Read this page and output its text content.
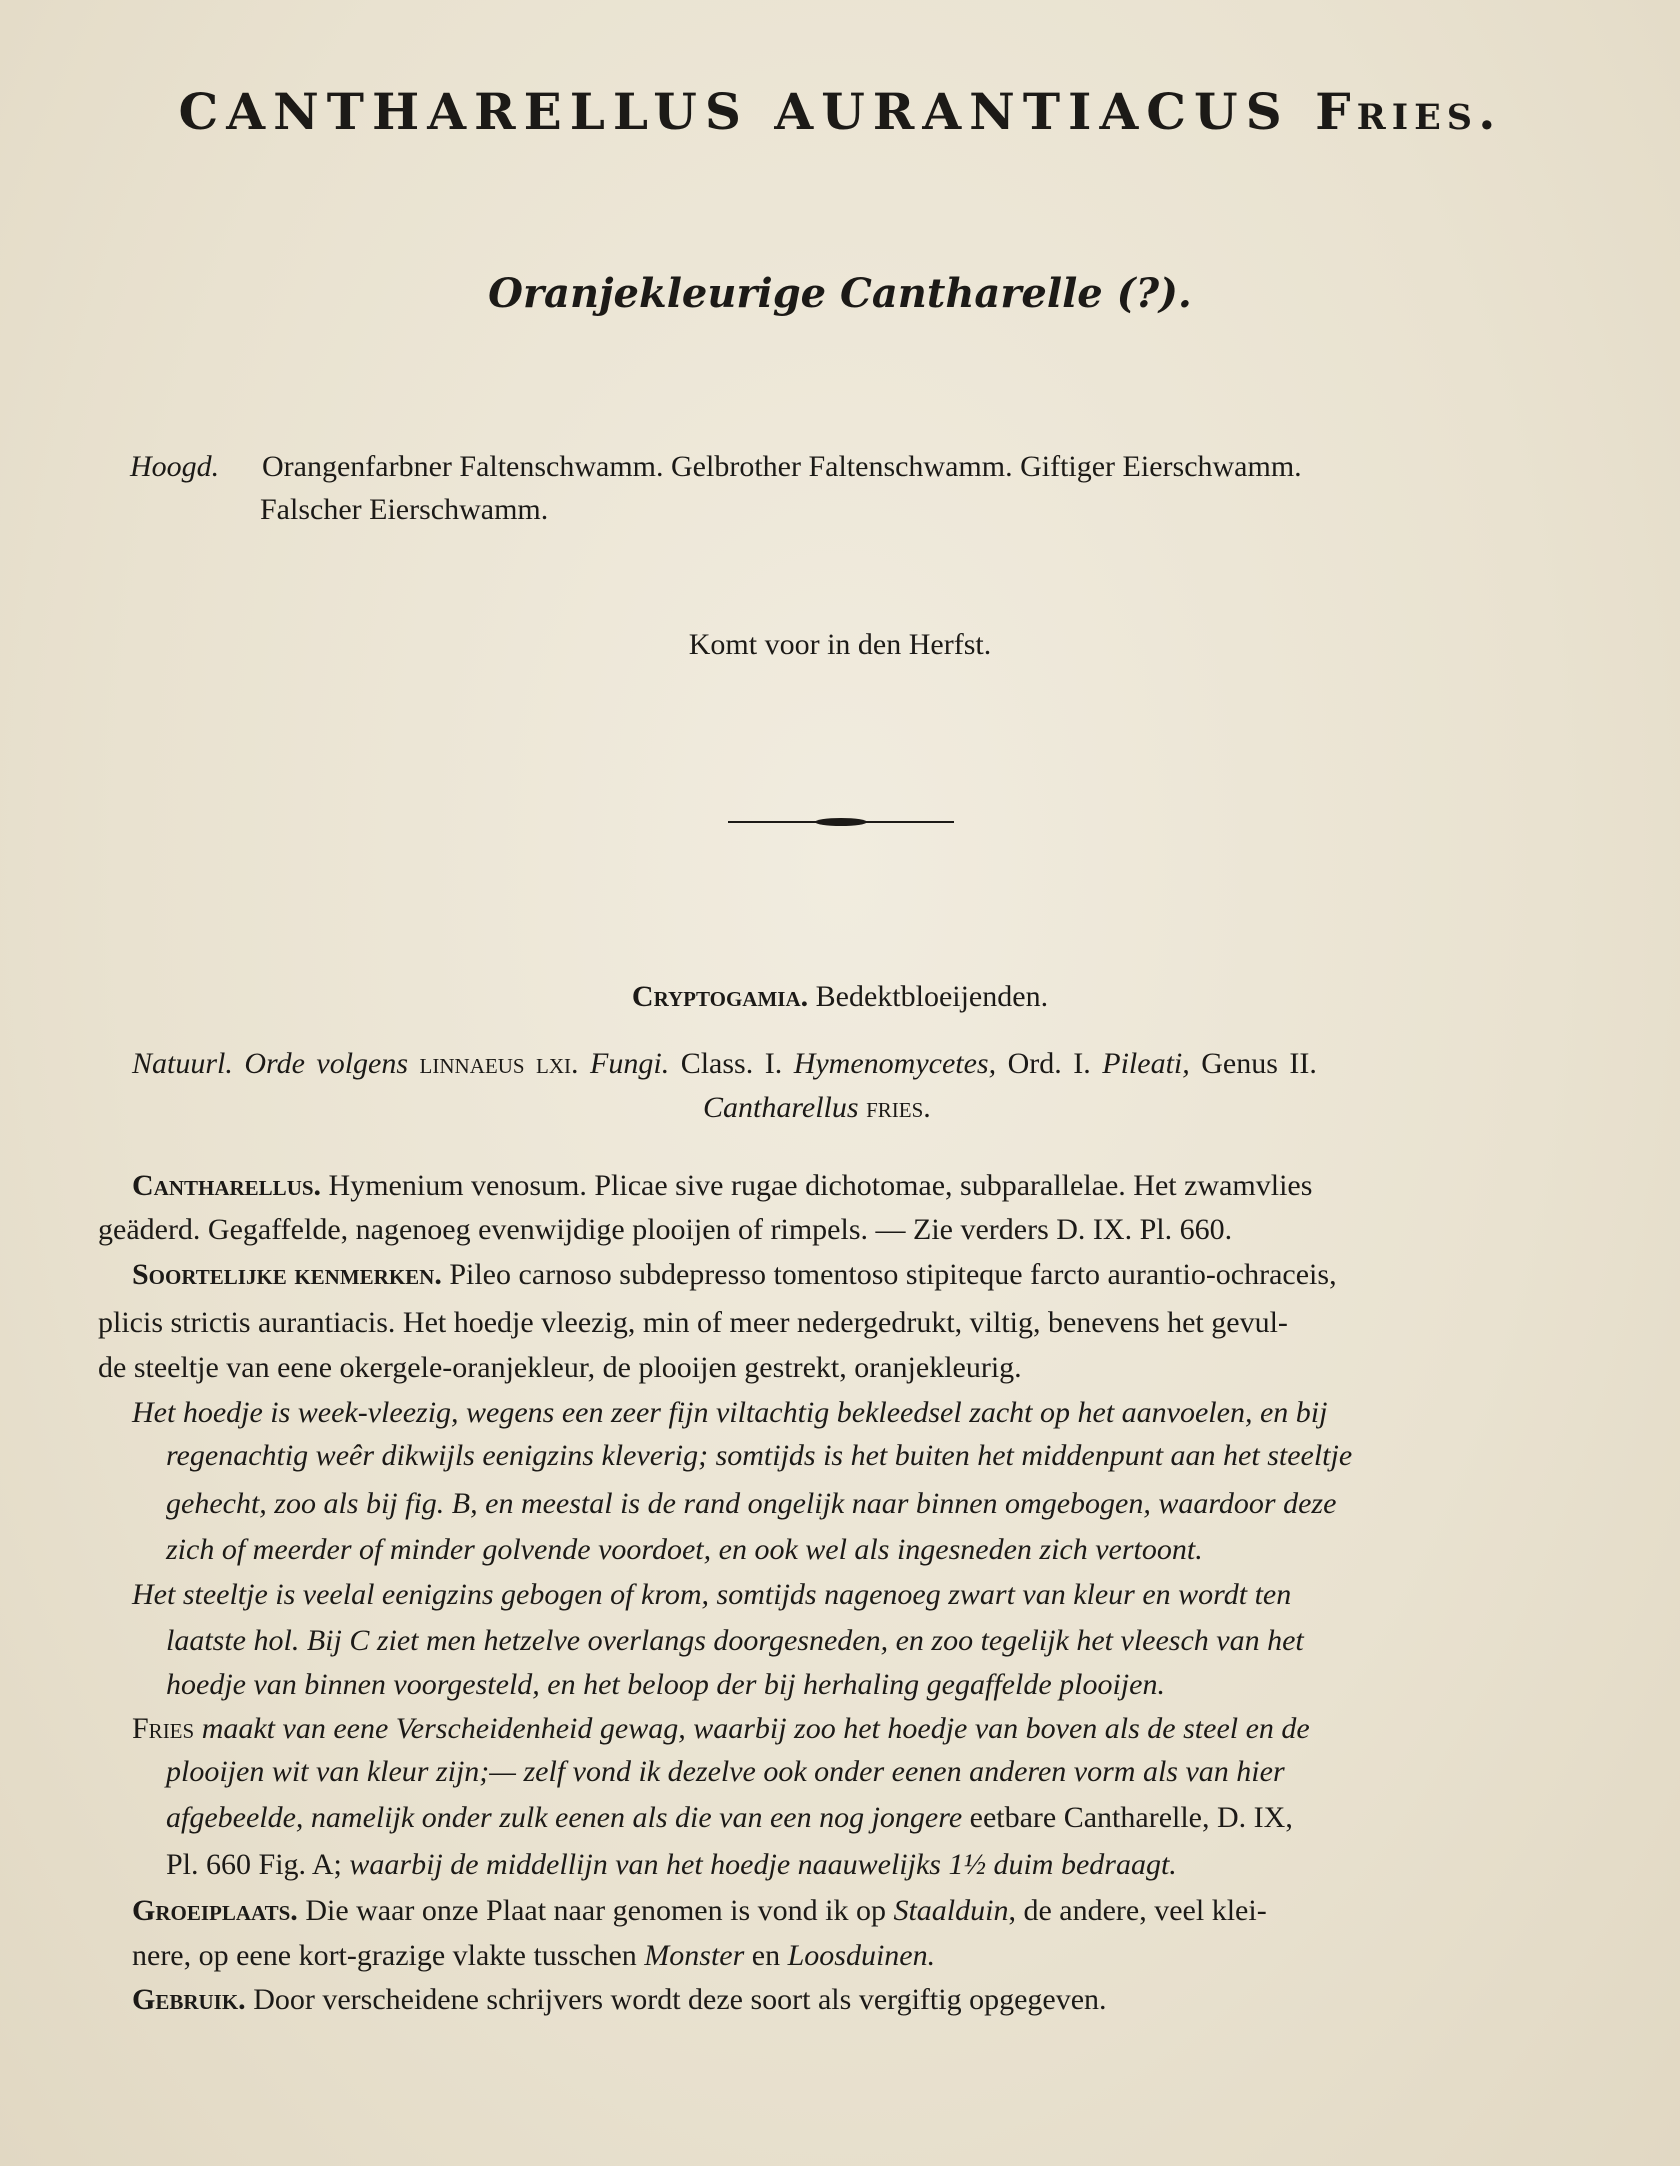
CANTHARELLUS AURANTIACUS Fries.
Oranjekleurige Cantharelle (?).
Hoogd. Orangenfarbner Faltenschwamm. Gelbrother Faltenschwamm. Giftiger Eierschwamm.
Falscher Eierschwamm.
Komt voor in den Herfst.
Cryptogamia. Bedektbloeijenden.
Natuurl. Orde volgens linnaeus lxi. Fungi. Class. I. Hymenomycetes, Ord. I. Pileati, Genus II.
Cantharellus fries.
Cantharellus. Hymenium venosum. Plicae sive rugae dichotomae, subparallelae. Het zwamvlies
geäderd. Gegaffelde, nagenoeg evenwijdige plooijen of rimpels. — Zie verders D. IX. Pl. 660.
Soortelijke kenmerken. Pileo carnoso subdepresso tomentoso stipiteque farcto aurantio-ochraceis,
plicis strictis aurantiacis. Het hoedje vleezig, min of meer nedergedrukt, viltig, benevens het gevul-
de steeltje van eene okergele-oranjekleur, de plooijen gestrekt, oranjekleurig.
Het hoedje is week-vleezig, wegens een zeer fijn viltachtig bekleedsel zacht op het aanvoelen, en bij
regenachtig weêr dikwijls eenigzins kleverig; somtijds is het buiten het middenpunt aan het steeltje
gehecht, zoo als bij fig. B, en meestal is de rand ongelijk naar binnen omgebogen, waardoor deze
zich of meerder of minder golvende voordoet, en ook wel als ingesneden zich vertoont.
Het steeltje is veelal eenigzins gebogen of krom, somtijds nagenoeg zwart van kleur en wordt ten
laatste hol. Bij C ziet men hetzelve overlangs doorgesneden, en zoo tegelijk het vleesch van het
hoedje van binnen voorgesteld, en het beloop der bij herhaling gegaffelde plooijen.
Fries maakt van eene Verscheidenheid gewag, waarbij zoo het hoedje van boven als de steel en de
plooijen wit van kleur zijn;— zelf vond ik dezelve ook onder eenen anderen vorm als van hier
afgebeelde, namelijk onder zulk eenen als die van een nog jongere eetbare Cantharelle, D. IX,
Pl. 660 Fig. A; waarbij de middellijn van het hoedje naauwelijks 1½ duim bedraagt.
Groeiplaats. Die waar onze Plaat naar genomen is vond ik op Staalduin, de andere, veel klei-
nere, op eene kort-grazige vlakte tusschen Monster en Loosduinen.
Gebruik. Door verscheidene schrijvers wordt deze soort als vergiftig opgegeven.
